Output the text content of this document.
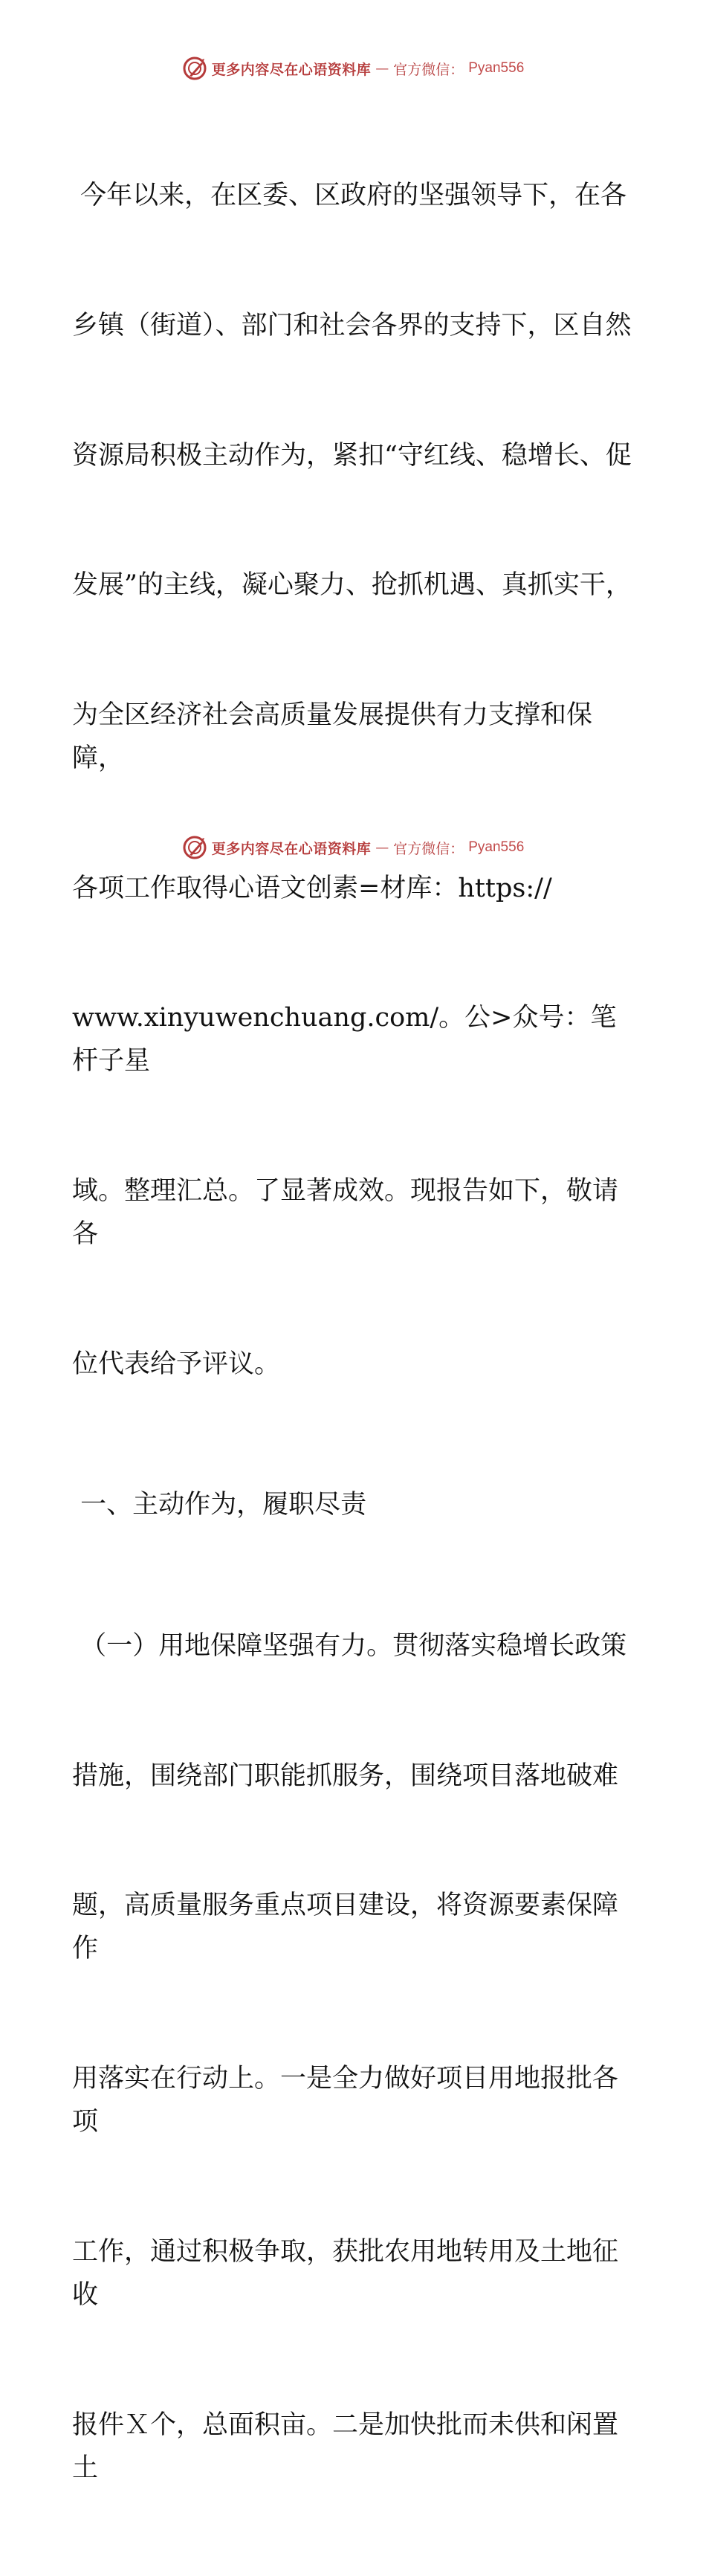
更多内容尽在心语资料库 — 官方微信： Pyan556

今年以来，在区委、区政府的坚强领导下，在各

乡镇（街道）、部门和社会各界的支持下，区自然

资源局积极主动作为，紧扣“守红线、稳增长、促

发展”的主线，凝心聚力、抢抓机遇、真抓实干，

为全区经济社会高质量发展提供有力支撑和保障，

各项工作取得心语文创素=材库：https://

www.xinyuwenchuang.com/。公>众号：笔杆子星

域。整理汇总。了显著成效。现报告如下，敬请各

位代表给予评议。

一、主动作为，履职尽责

（一）用地保障坚强有力。贯彻落实稳增长政策

措施，围绕部门职能抓服务，围绕项目落地破难

题，高质量服务重点项目建设，将资源要素保障作

用落实在行动上。一是全力做好项目用地报批各项

工作，通过积极争取，获批农用地转用及土地征收

报件Ｘ个，总面积亩。二是加快批而未供和闲置土

更多内容尽在心语资料库 — 官方微信： Pyan556
